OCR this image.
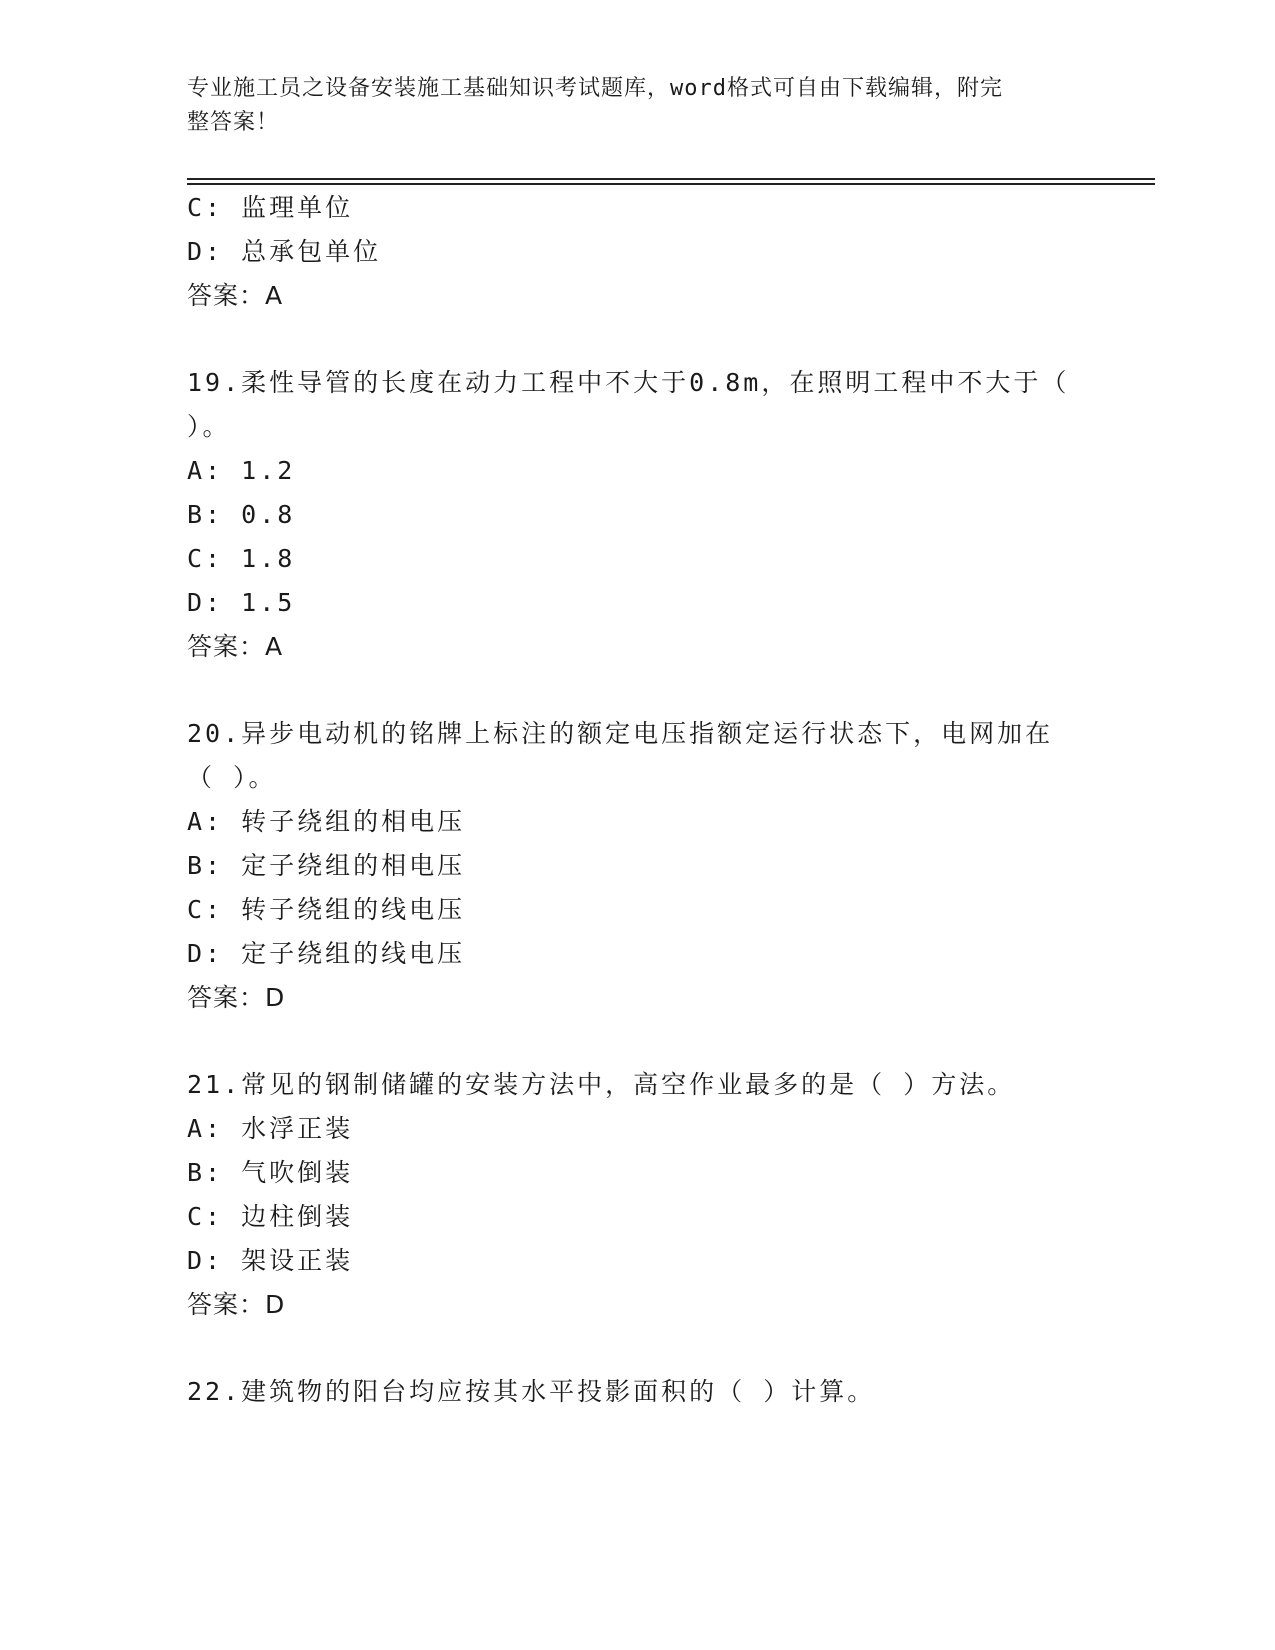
专业施工员之设备安装施工基础知识考试题库，word格式可自由下载编辑，附完
整答案！
C: 监理单位
D: 总承包单位
答案：A
19.柔性导管的长度在动力工程中不大于0.8m，在照明工程中不大于（
）。
A: 1.2
B: 0.8
C: 1.8
D: 1.5
答案：A
20.异步电动机的铭牌上标注的额定电压指额定运行状态下，电网加在
（ ）。
A: 转子绕组的相电压
B: 定子绕组的相电压
C: 转子绕组的线电压
D: 定子绕组的线电压
答案：D
21.常见的钢制储罐的安装方法中，高空作业最多的是（ ）方法。
A: 水浮正装
B: 气吹倒装
C: 边柱倒装
D: 架设正装
答案：D
22.建筑物的阳台均应按其水平投影面积的（ ）计算。
